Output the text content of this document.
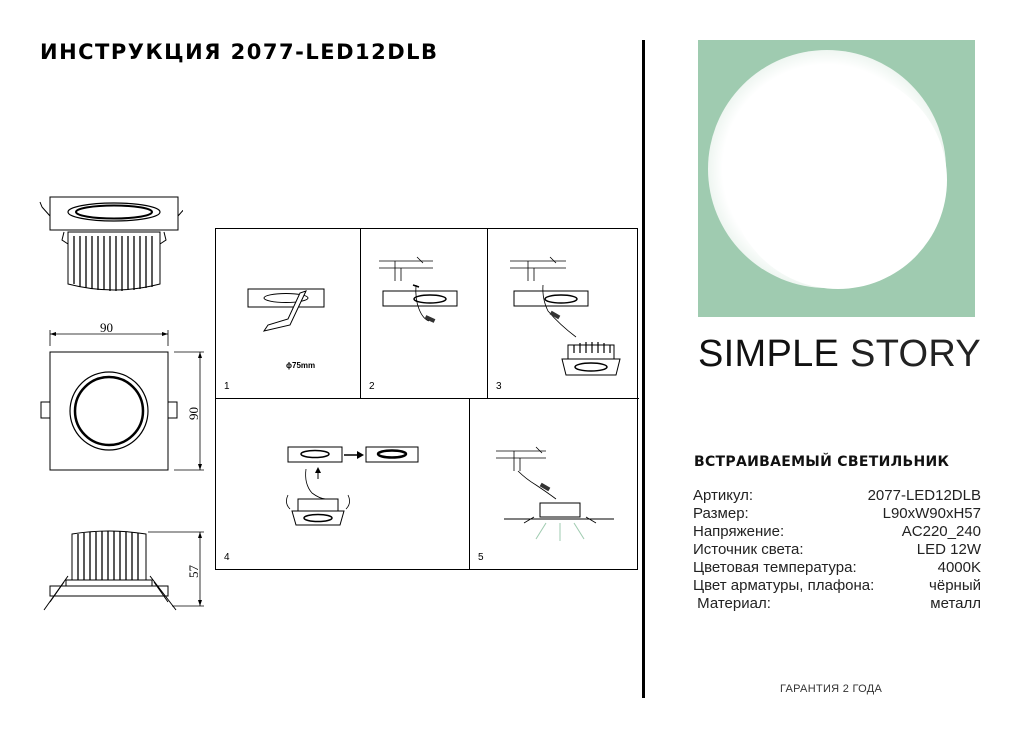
ИНСТРУКЦИЯ 2077-LED12DLB
90
90
57
ϕ75mm
1	2	3
4	5
SIMPLE STORY
ВСТРАИВАЕМЫЙ СВЕТИЛЬНИК
Артикул:	2077-LED12DLB
Размер:	L90xW90xH57
Напряжение:	AC220_240
Источник света:	LED 12W
Цветовая температура:	4000K
Цвет арматуры, плафона:	чёрный
Материал:	металл
ГАРАНТИЯ 2 ГОДА
